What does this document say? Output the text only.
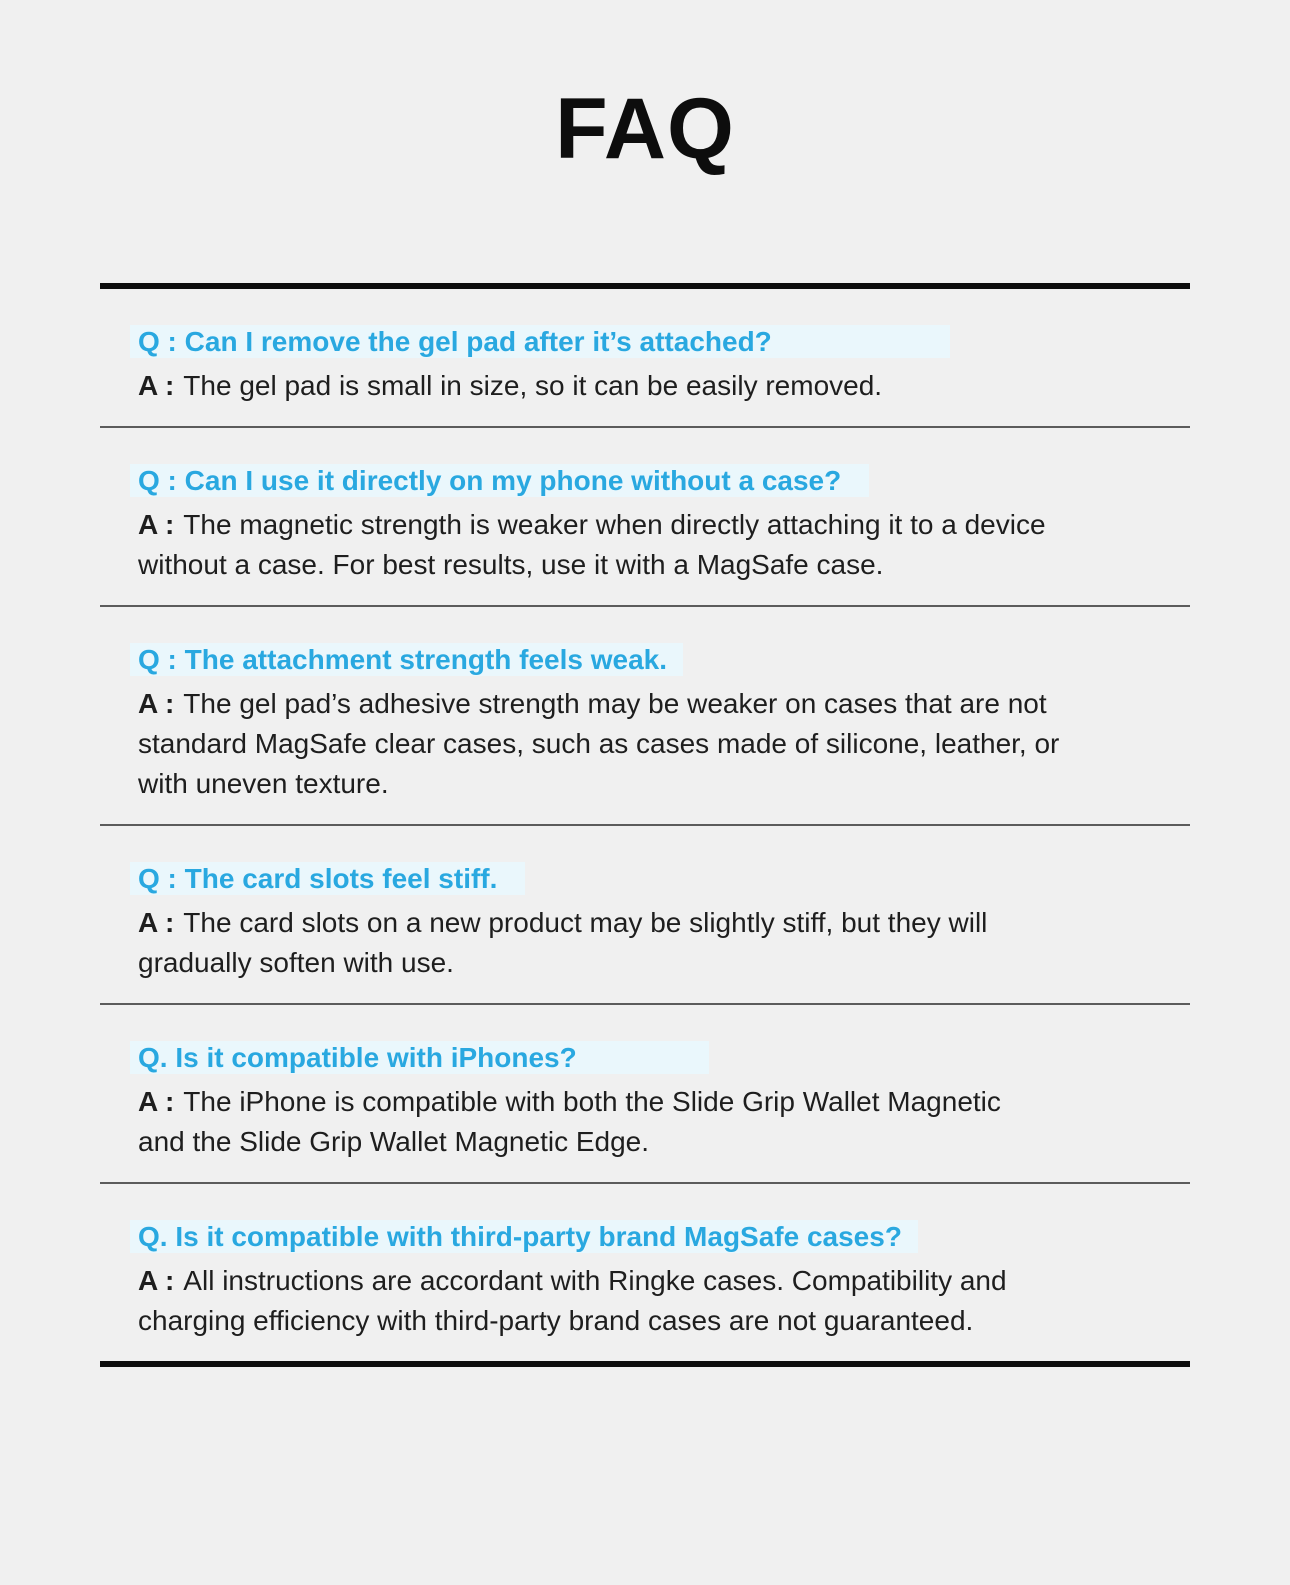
FAQ
Q : Can I remove the gel pad after it’s attached?
A : The gel pad is small in size, so it can be easily removed.
Q : Can I use it directly on my phone without a case?
A : The magnetic strength is weaker when directly attaching it to a device
without a case. For best results, use it with a MagSafe case.
Q : The attachment strength feels weak.
A : The gel pad’s adhesive strength may be weaker on cases that are not
standard MagSafe clear cases, such as cases made of silicone, leather, or
with uneven texture.
Q : The card slots feel stiff.
A : The card slots on a new product may be slightly stiff, but they will
gradually soften with use.
Q. Is it compatible with iPhones?
A : The iPhone is compatible with both the Slide Grip Wallet Magnetic
and the Slide Grip Wallet Magnetic Edge.
Q. Is it compatible with third-party brand MagSafe cases?
A : All instructions are accordant with Ringke cases. Compatibility and
charging efficiency with third-party brand cases are not guaranteed.
